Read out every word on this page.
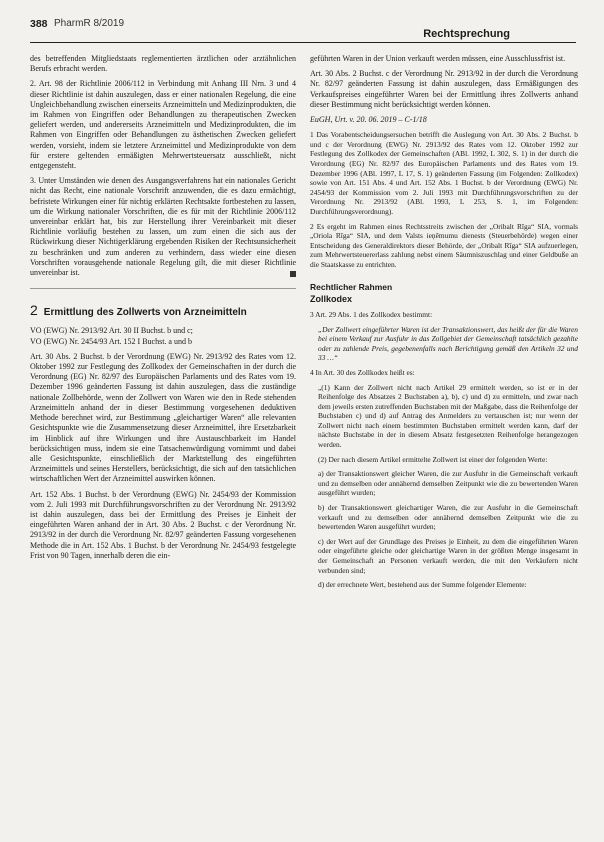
388 PharmR 8/2019
Rechtsprechung

des betreffenden Mitgliedstaats reglementierten ärztlichen oder arztähnlichen Berufs erbracht werden.

2. Art. 98 der Richtlinie 2006/112 in Verbindung mit Anhang III Nrn. 3 und 4 dieser Richtlinie ist dahin auszulegen, dass er einer nationalen Regelung, die eine Ungleichbehandlung zwischen einerseits Arzneimitteln und Medizinprodukten, die im Rahmen von Eingriffen oder Behandlungen zu therapeutischen Zwecken geliefert werden, und andererseits Arzneimitteln und Medizinprodukten, die im Rahmen von Eingriffen oder Behandlungen zu ästhetischen Zwecken geliefert werden, vorsieht, indem sie letztere Arzneimittel und Medizinprodukte von dem für erstere geltenden ermäßigten Mehrwertsteuersatz ausschließt, nicht entgegensteht.

3. Unter Umständen wie denen des Ausgangsverfahrens hat ein nationales Gericht nicht das Recht, eine nationale Vorschrift anzuwenden, die es dazu ermächtigt, befristete Wirkungen einer für nichtig erklärten Rechtsakte fortbestehen zu lassen, um die Wirkung nationaler Vorschriften, die es für mit der Richtlinie 2006/112 unvereinbar erklärt hat, bis zur Herstellung ihrer Vereinbarkeit mit dieser Richtlinie vorläufig bestehen zu lassen, um zum einen die sich aus der Rückwirkung dieser Nichtigerklärung ergebenden Risiken der Rechtsunsicherheit zu beschränken und zum anderen zu verhindern, dass wieder eine diesen Vorschriften vorausgehende nationale Regelung gilt, die mit dieser Richtlinie unvereinbar ist.

2 Ermittlung des Zollwerts von Arzneimitteln

VO (EWG) Nr. 2913/92 Art. 30 II Buchst. b und c;

VO (EWG) Nr. 2454/93 Art. 152 I Buchst. a und b

Art. 30 Abs. 2 Buchst. b der Verordnung (EWG) Nr. 2913/92 des Rates vom 12. Oktober 1992 zur Festlegung des Zollkodex der Gemeinschaften in der durch die Verordnung (EG) Nr. 82/97 des Europäischen Parlaments und des Rates vom 19. Dezember 1996 geänderten Fassung ist dahin auszulegen, dass die zuständige nationale Zollbehörde, wenn der Zollwert von Waren wie den in Rede stehenden Arzneimitteln anhand der in dieser Bestimmung vorgesehenen deduktiven Methode berechnet wird, zur Bestimmung „gleichartiger Waren“ alle relevanten Gesichtspunkte wie die Zusammensetzung dieser Arzneimittel, ihre Ersetzbarkeit im Hinblick auf ihre Wirkungen und ihre Austauschbarkeit im Handel berücksichtigen muss, indem sie eine Tatsachenwürdigung vornimmt und dabei alle Gesichtspunkte, einschließlich der Marktstellung des eingeführten Arzneimittels und seines Herstellers, berücksichtigt, die sich auf den tatsächlichen wirtschaftlichen Wert der Arzneimittel auswirken können.

Art. 152 Abs. 1 Buchst. b der Verordnung (EWG) Nr. 2454/93 der Kommission vom 2. Juli 1993 mit Durchführungsvorschriften zu der Verordnung Nr. 2913/92 ist dahin auszulegen, dass bei der Ermittlung des Preises je Einheit der eingeführten Waren anhand der in Art. 30 Abs. 2 Buchst. c der Verordnung Nr. 2913/92 in der durch die Verordnung Nr. 82/97 geänderten Fassung vorgesehenen Methode die in Art. 152 Abs. 1 Buchst. b der Verordnung Nr. 2454/93 festgelegte Frist von 90 Tagen, innerhalb deren die ein-

geführten Waren in der Union verkauft werden müssen, eine Ausschlussfrist ist.

Art. 30 Abs. 2 Buchst. c der Verordnung Nr. 2913/92 in der durch die Verordnung Nr. 82/97 geänderten Fassung ist dahin auszulegen, dass Ermäßigungen des Verkaufspreises eingeführter Waren bei der Ermittlung ihres Zollwerts anhand dieser Bestimmung nicht berücksichtigt werden können.

EuGH, Urt. v. 20. 06. 2019 – C-1/18

1 Das Vorabentscheidungsersuchen betrifft die Auslegung von Art. 30 Abs. 2 Buchst. b und c der Verordnung (EWG) Nr. 2913/92 des Rates vom 12. Oktober 1992 zur Festlegung des Zollkodex der Gemeinschaften (ABl. 1992, L 302, S. 1) in der durch die Verordnung (EG) Nr. 82/97 des Europäischen Parlaments und des Rates vom 19. Dezember 1996 (ABl. 1997, L 17, S. 1) geänderten Fassung (im Folgenden: Zollkodex) sowie von Art. 151 Abs. 4 und Art. 152 Abs. 1 Buchst. b der Verordnung (EWG) Nr. 2454/93 der Kommission vom 2. Juli 1993 mit Durchführungsvorschriften zu der Verordnung Nr. 2913/92 (ABl. 1993, L 253, S. 1, im Folgenden: Durchführungsverordnung).

2 Es ergeht im Rahmen eines Rechtsstreits zwischen der „Oribalt Rīga“ SIA, vormals „Oriola Rīga“ SIA, und dem Valsts ieņēmumu dienests (Steuerbehörde) wegen einer Entscheidung des Generaldirektors dieser Behörde, der „Oribalt Rīga“ SIA aufzuerlegen, zum Mehrwertsteuererlass zahlung nebst einem Säumniszuschlag und einer Geldbuße an die Staatskasse zu entrichten.

Rechtlicher Rahmen
Zollkodex

3 Art. 29 Abs. 1 des Zollkodex bestimmt:

„Der Zollwert eingeführter Waren ist der Transaktionswert, das heißt der für die Waren bei einem Verkauf zur Ausfuhr in das Zollgebiet der Gemeinschaft tatsächlich gezahlte oder zu zahlende Preis, gegebenenfalls nach Berichtigung gemäß den Artikeln 32 und 33 …“

4 In Art. 30 des Zollkodex heißt es:

„(1) Kann der Zollwert nicht nach Artikel 29 ermittelt werden, so ist er in der Reihenfolge des Absatzes 2 Buchstaben a), b), c) und d) zu ermitteln, und zwar nach dem jeweils ersten zutreffenden Buchstaben mit der Maßgabe, dass die Reihenfolge der Buchstaben c) und d) auf Antrag des Anmelders zu vertauschen ist; nur wenn der Zollwert nicht nach einem bestimmten Buchstaben ermittelt werden kann, darf der nächste Buchstabe in der in diesem Absatz festgesetzten Reihenfolge herangezogen werden.

(2) Der nach diesem Artikel ermittelte Zollwert ist einer der folgenden Werte:

a) der Transaktionswert gleicher Waren, die zur Ausfuhr in die Gemeinschaft verkauft und zu demselben oder annähernd demselben Zeitpunkt wie die zu bewertenden Waren ausgeführt wurden;

b) der Transaktionswert gleichartiger Waren, die zur Ausfuhr in die Gemeinschaft verkauft und zu demselben oder annähernd demselben Zeitpunkt wie die zu bewertenden Waren ausgeführt wurden;

c) der Wert auf der Grundlage des Preises je Einheit, zu dem die eingeführten Waren oder eingeführte gleiche oder gleichartige Waren in der größten Menge insgesamt in der Gemeinschaft an Personen verkauft werden, die mit den Verkäufern nicht verbunden sind;

d) der errechnete Wert, bestehend aus der Summe folgender Elemente:
